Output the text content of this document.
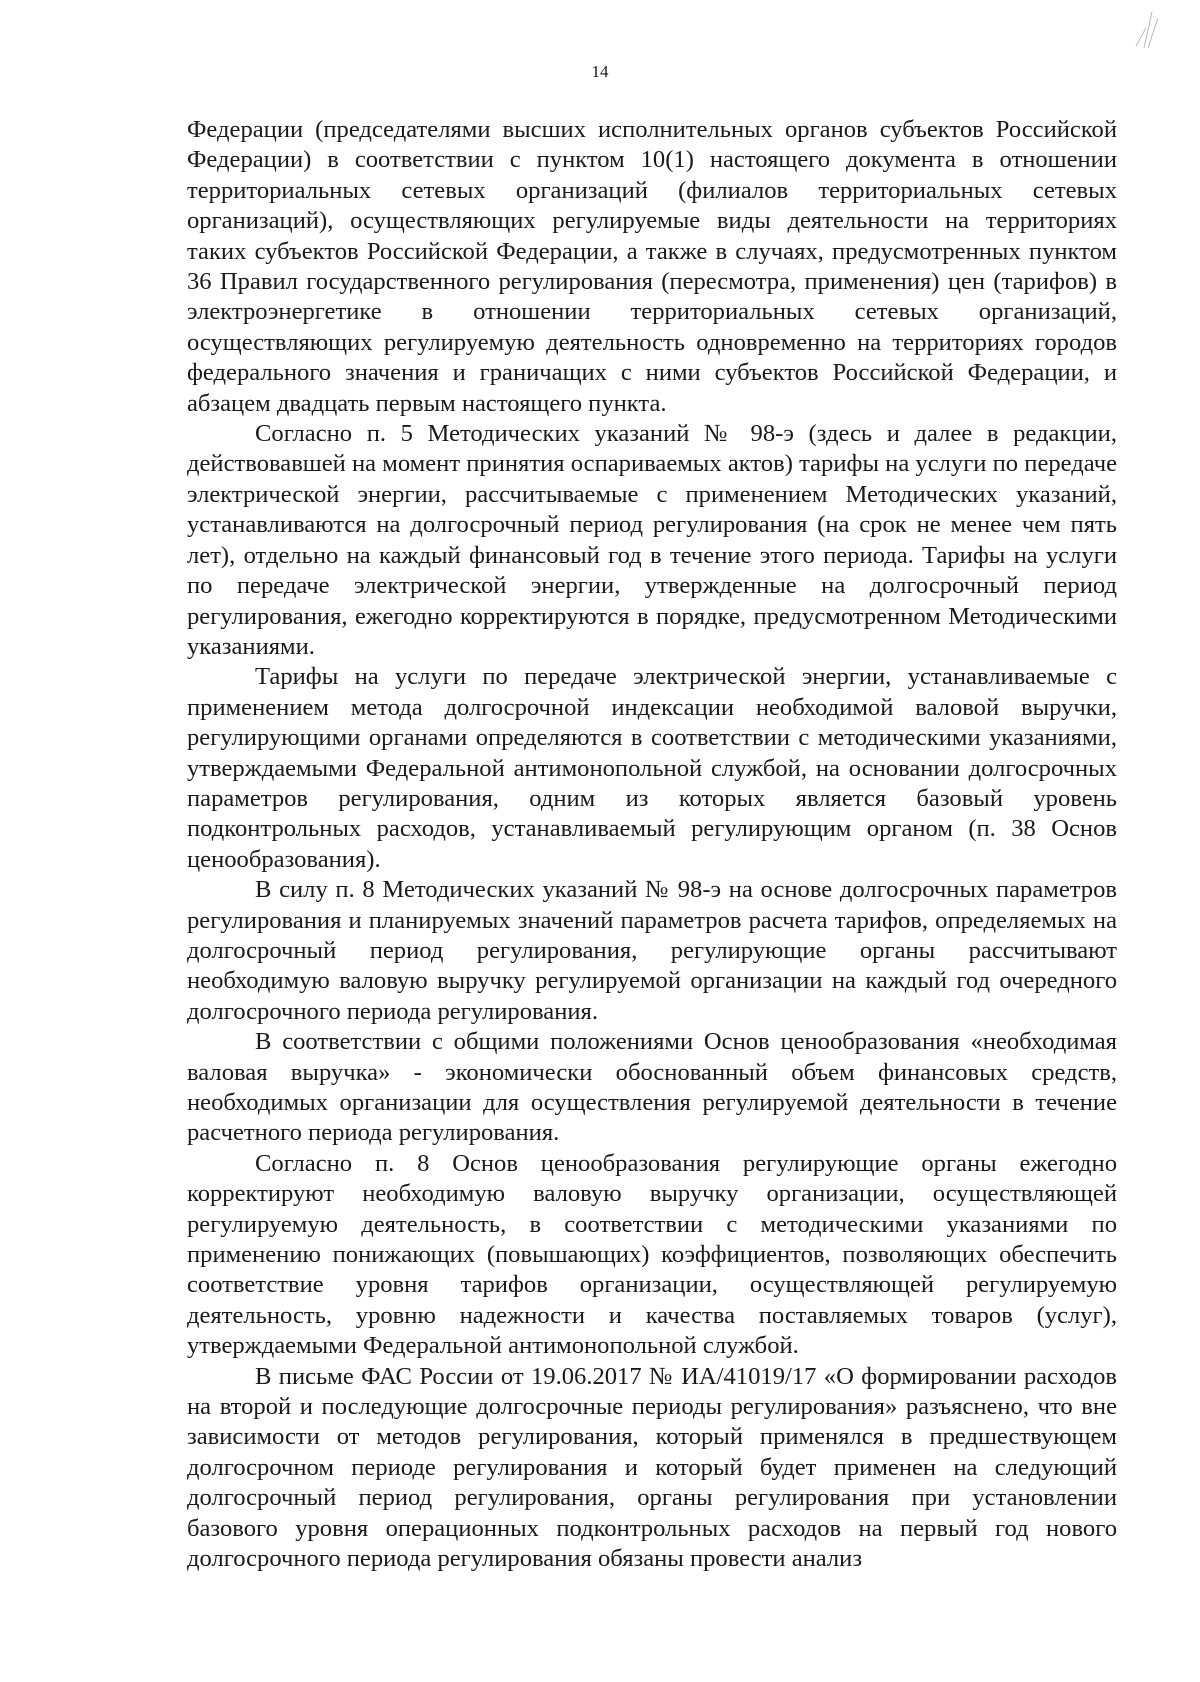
14

Федерации (председателями высших исполнительных органов субъектов Российской Федерации) в соответствии с пунктом 10(1) настоящего документа в отношении территориальных сетевых организаций (филиалов территориальных сетевых организаций), осуществляющих регулируемые виды деятельности на территориях таких субъектов Российской Федерации, а также в случаях, предусмотренных пунктом 36 Правил государственного регулирования (пересмотра, применения) цен (тарифов) в электроэнергетике в отношении территориальных сетевых организаций, осуществляющих регулируемую деятельность одновременно на территориях городов федерального значения и граничащих с ними субъектов Российской Федерации, и абзацем двадцать первым настоящего пункта.

Согласно п. 5 Методических указаний № 98-э (здесь и далее в редакции, действовавшей на момент принятия оспариваемых актов) тарифы на услуги по передаче электрической энергии, рассчитываемые с применением Методических указаний, устанавливаются на долгосрочный период регулирования (на срок не менее чем пять лет), отдельно на каждый финансовый год в течение этого периода. Тарифы на услуги по передаче электрической энергии, утвержденные на долгосрочный период регулирования, ежегодно корректируются в порядке, предусмотренном Методическими указаниями.

Тарифы на услуги по передаче электрической энергии, устанавливаемые с применением метода долгосрочной индексации необходимой валовой выручки, регулирующими органами определяются в соответствии с методическими указаниями, утверждаемыми Федеральной антимонопольной службой, на основании долгосрочных параметров регулирования, одним из которых является базовый уровень подконтрольных расходов, устанавливаемый регулирующим органом (п. 38 Основ ценообразования).

В силу п. 8 Методических указаний № 98-э на основе долгосрочных параметров регулирования и планируемых значений параметров расчета тарифов, определяемых на долгосрочный период регулирования, регулирующие органы рассчитывают необходимую валовую выручку регулируемой организации на каждый год очередного долгосрочного периода регулирования.

В соответствии с общими положениями Основ ценообразования «необходимая валовая выручка» - экономически обоснованный объем финансовых средств, необходимых организации для осуществления регулируемой деятельности в течение расчетного периода регулирования.

Согласно п. 8 Основ ценообразования регулирующие органы ежегодно корректируют необходимую валовую выручку организации, осуществляющей регулируемую деятельность, в соответствии с методическими указаниями по применению понижающих (повышающих) коэффициентов, позволяющих обеспечить соответствие уровня тарифов организации, осуществляющей регулируемую деятельность, уровню надежности и качества поставляемых товаров (услуг), утверждаемыми Федеральной антимонопольной службой.

В письме ФАС России от 19.06.2017 № ИА/41019/17 «О формировании расходов на второй и последующие долгосрочные периоды регулирования» разъяснено, что вне зависимости от методов регулирования, который применялся в предшествующем долгосрочном периоде регулирования и который будет применен на следующий долгосрочный период регулирования, органы регулирования при установлении базового уровня операционных подконтрольных расходов на первый год нового долгосрочного периода регулирования обязаны провести анализ
